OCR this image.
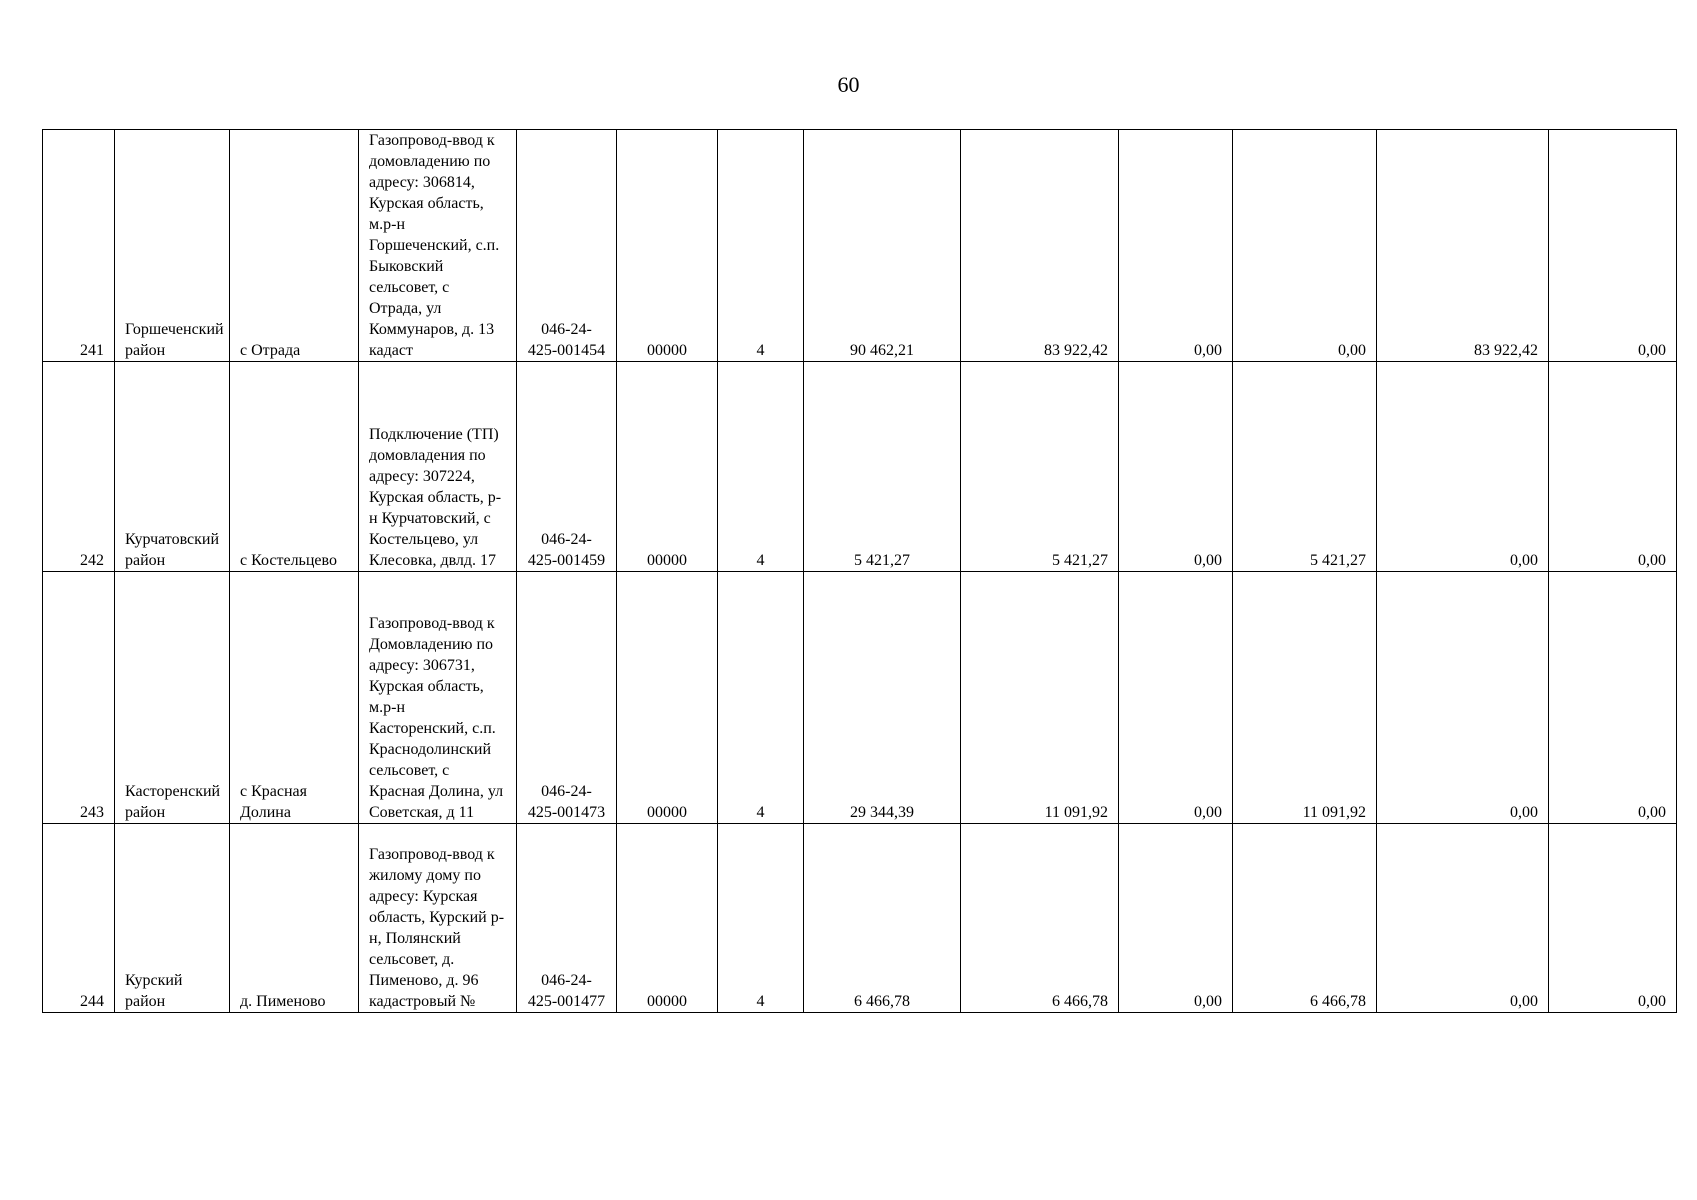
60
241	Горшеченский район	с Отрада	Газопровод-ввод к домовладению по адресу: 306814, Курская область, м.р-н Горшеченский, с.п. Быковский сельсовет, с Отрада, ул Коммунаров, д. 13 кадаст	046-24-425-001454	00000	4	90 462,21	83 922,42	0,00	0,00	83 922,42	0,00
242	Курчатовский район	с Костельцево	Подключение (ТП) домовладения по адресу: 307224, Курская область, р-н Курчатовский, с Костельцево, ул Клесовка, двлд. 17	046-24-425-001459	00000	4	5 421,27	5 421,27	0,00	5 421,27	0,00	0,00
243	Касторенский район	с Красная Долина	Газопровод-ввод к Домовладению по адресу: 306731, Курская область, м.р-н Касторенский, с.п. Краснодолинский сельсовет, с Красная Долина, ул Советская, д 11	046-24-425-001473	00000	4	29 344,39	11 091,92	0,00	11 091,92	0,00	0,00
244	Курский район	д. Пименово	Газопровод-ввод к жилому дому по адресу: Курская область, Курский р-н, Полянский сельсовет, д. Пименово, д. 96 кадастровый №	046-24-425-001477	00000	4	6 466,78	6 466,78	0,00	6 466,78	0,00	0,00
